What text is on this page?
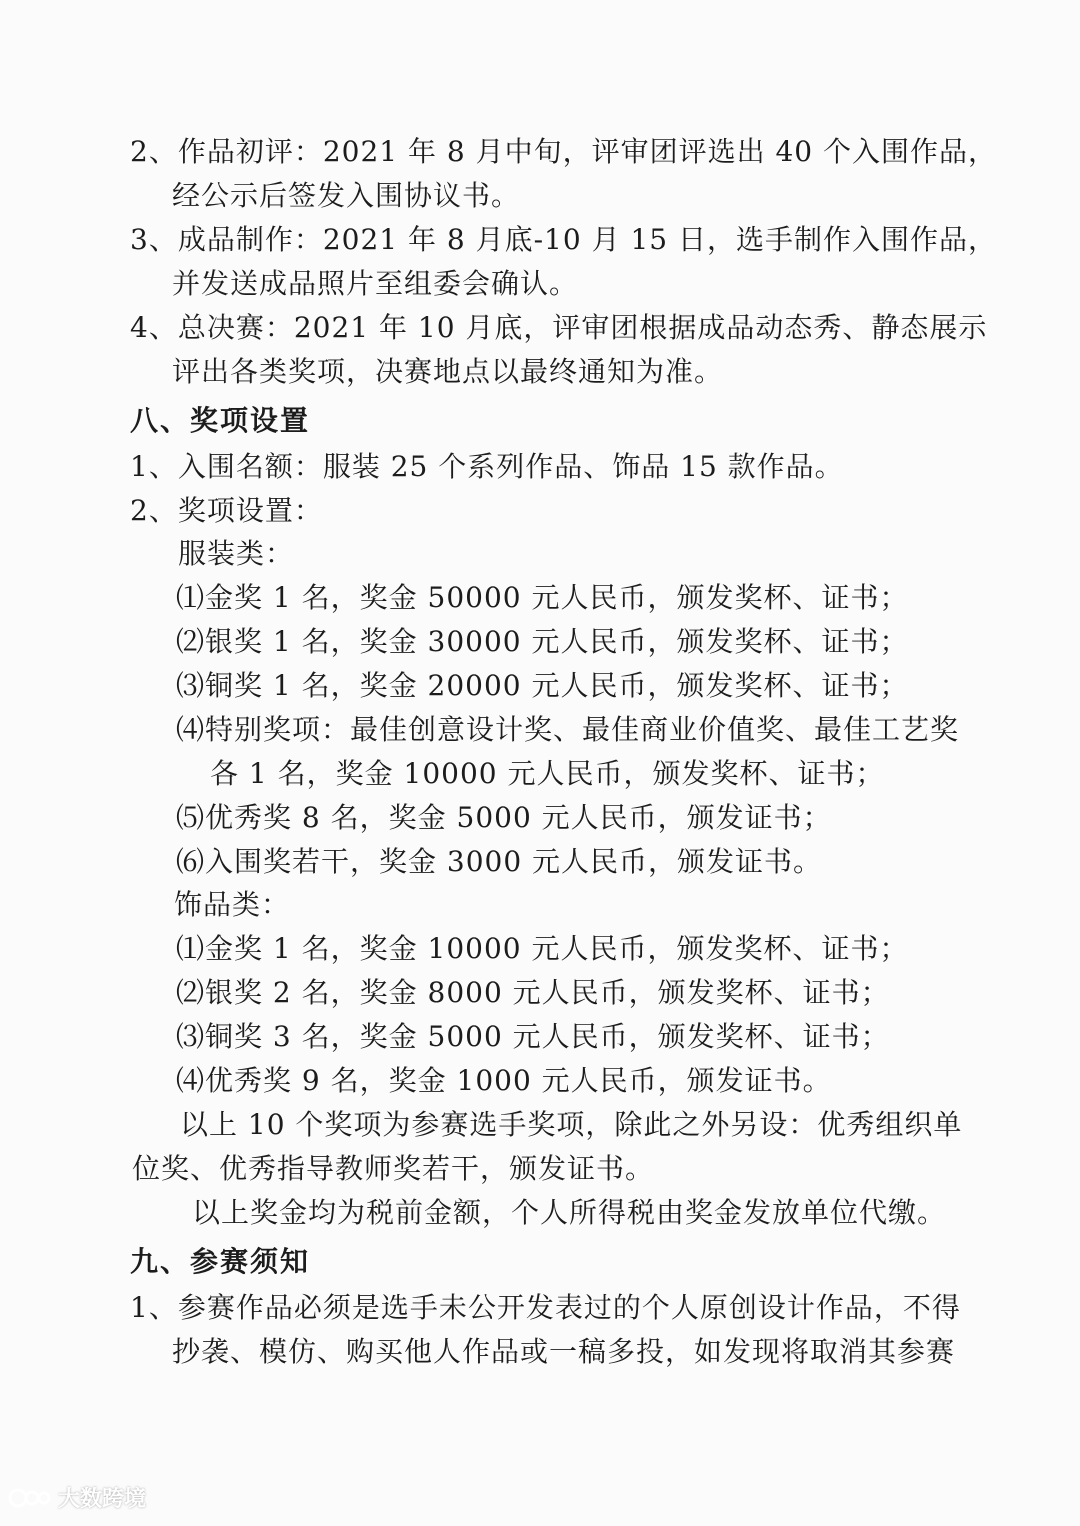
2、作品初评：2021 年 8 月中旬，评审团评选出 40 个入围作品，
经公示后签发入围协议书。
3、成品制作：2021 年 8 月底-10 月 15 日，选手制作入围作品，
并发送成品照片至组委会确认。
4、总决赛：2021 年 10 月底，评审团根据成品动态秀、静态展示
评出各类奖项，决赛地点以最终通知为准。
八、奖项设置
1、入围名额：服装 25 个系列作品、饰品 15 款作品。
2、奖项设置：
服装类：
⑴金奖 1 名，奖金 50000 元人民币，颁发奖杯、证书；
⑵银奖 1 名，奖金 30000 元人民币，颁发奖杯、证书；
⑶铜奖 1 名，奖金 20000 元人民币，颁发奖杯、证书；
⑷特别奖项：最佳创意设计奖、最佳商业价值奖、最佳工艺奖
各 1 名，奖金 10000 元人民币，颁发奖杯、证书；
⑸优秀奖 8 名，奖金 5000 元人民币，颁发证书；
⑹入围奖若干，奖金 3000 元人民币，颁发证书。
饰品类：
⑴金奖 1 名，奖金 10000 元人民币，颁发奖杯、证书；
⑵银奖 2 名，奖金 8000 元人民币，颁发奖杯、证书；
⑶铜奖 3 名，奖金 5000 元人民币，颁发奖杯、证书；
⑷优秀奖 9 名，奖金 1000 元人民币，颁发证书。
以上 10 个奖项为参赛选手奖项，除此之外另设：优秀组织单
位奖、优秀指导教师奖若干，颁发证书。
以上奖金均为税前金额，个人所得税由奖金发放单位代缴。
九、参赛须知
1、参赛作品必须是选手未公开发表过的个人原创设计作品，不得
抄袭、模仿、购买他人作品或一稿多投，如发现将取消其参赛
大数跨境
